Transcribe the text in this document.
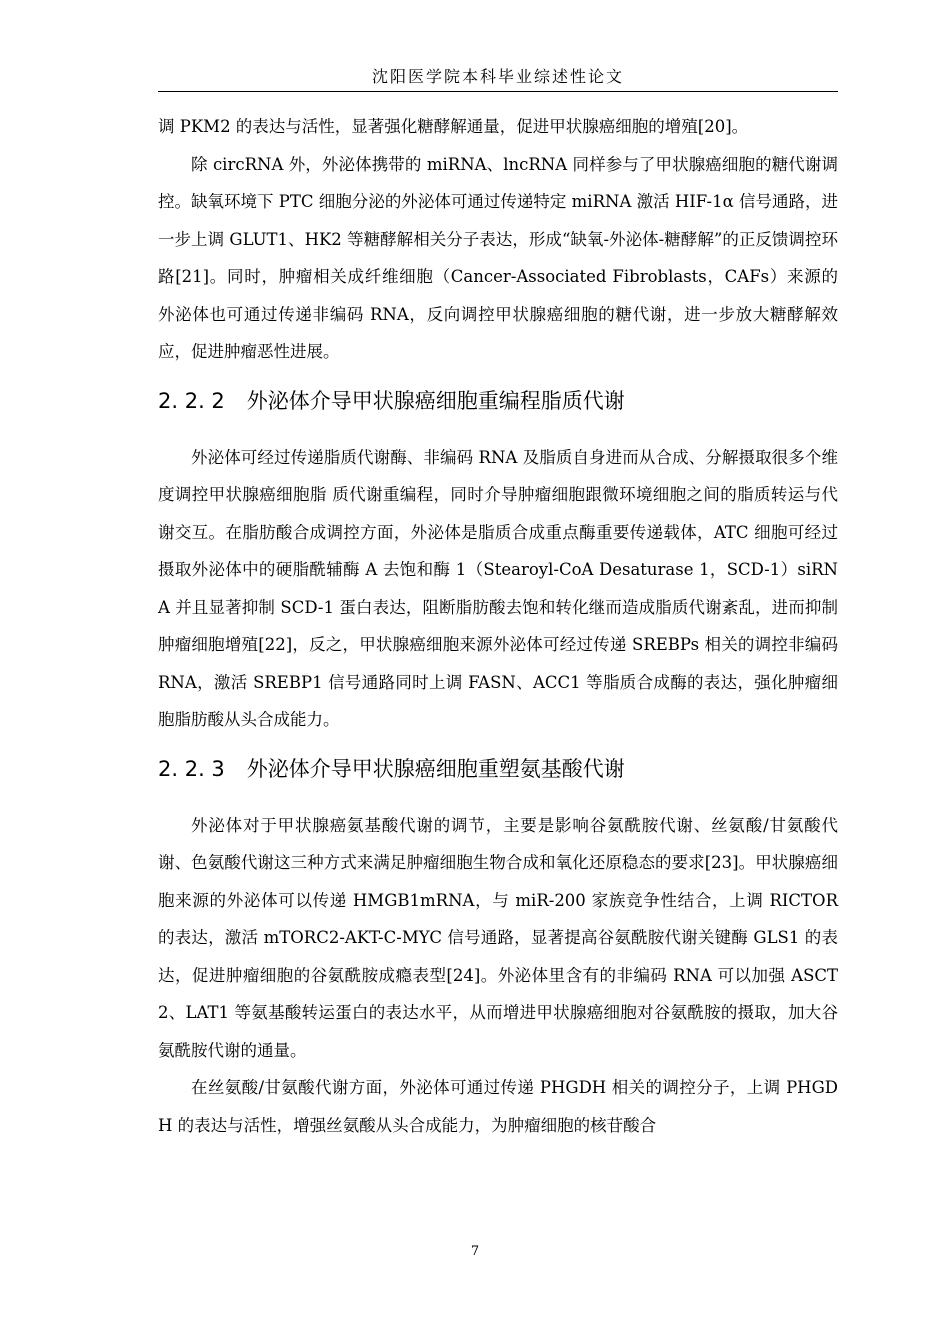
沈阳医学院本科毕业综述性论文

调 PKM2 的表达与活性，显著强化糖酵解通量，促进甲状腺癌细胞的增殖[20]。

除 circRNA 外，外泌体携带的 miRNA、lncRNA 同样参与了甲状腺癌细胞的糖代谢调控。缺氧环境下 PTC 细胞分泌的外泌体可通过传递特定 miRNA 激活 HIF-1α 信号通路，进一步上调 GLUT1、HK2 等糖酵解相关分子表达，形成“缺氧-外泌体-糖酵解”的正反馈调控环路[21]。同时，肿瘤相关成纤维细胞（Cancer-Associated Fibroblasts，CAFs）来源的外泌体也可通过传递非编码 RNA，反向调控甲状腺癌细胞的糖代谢，进一步放大糖酵解效应，促进肿瘤恶性进展。

2. 2. 2 外泌体介导甲状腺癌细胞重编程脂质代谢

外泌体可经过传递脂质代谢酶、非编码 RNA 及脂质自身进而从合成、分解摄取很多个维度调控甲状腺癌细胞脂 质代谢重编程，同时介导肿瘤细胞跟微环境细胞之间的脂质转运与代谢交互。在脂肪酸合成调控方面，外泌体是脂质合成重点酶重要传递载体，ATC 细胞可经过摄取外泌体中的硬脂酰辅酶 A 去饱和酶 1（Stearoyl-CoA Desaturase 1，SCD-1）siRNA 并且显著抑制 SCD-1 蛋白表达，阻断脂肪酸去饱和转化继而造成脂质代谢紊乱，进而抑制肿瘤细胞增殖[22]，反之，甲状腺癌细胞来源外泌体可经过传递 SREBPs 相关的调控非编码 RNA，激活 SREBP1 信号通路同时上调 FASN、ACC1 等脂质合成酶的表达，强化肿瘤细胞脂肪酸从头合成能力。

2. 2. 3 外泌体介导甲状腺癌细胞重塑氨基酸代谢

外泌体对于甲状腺癌氨基酸代谢的调节，主要是影响谷氨酰胺代谢、丝氨酸/甘氨酸代谢、色氨酸代谢这三种方式来满足肿瘤细胞生物合成和氧化还原稳态的要求[23]。甲状腺癌细胞来源的外泌体可以传递 HMGB1mRNA，与 miR-200 家族竞争性结合，上调 RICTOR 的表达，激活 mTORC2-AKT-C-MYC 信号通路，显著提高谷氨酰胺代谢关键酶 GLS1 的表达，促进肿瘤细胞的谷氨酰胺成瘾表型[24]。外泌体里含有的非编码 RNA 可以加强 ASCT2、LAT1 等氨基酸转运蛋白的表达水平，从而增进甲状腺癌细胞对谷氨酰胺的摄取，加大谷氨酰胺代谢的通量。

在丝氨酸/甘氨酸代谢方面，外泌体可通过传递 PHGDH 相关的调控分子，上调 PHGDH 的表达与活性，增强丝氨酸从头合成能力，为肿瘤细胞的核苷酸合

7
